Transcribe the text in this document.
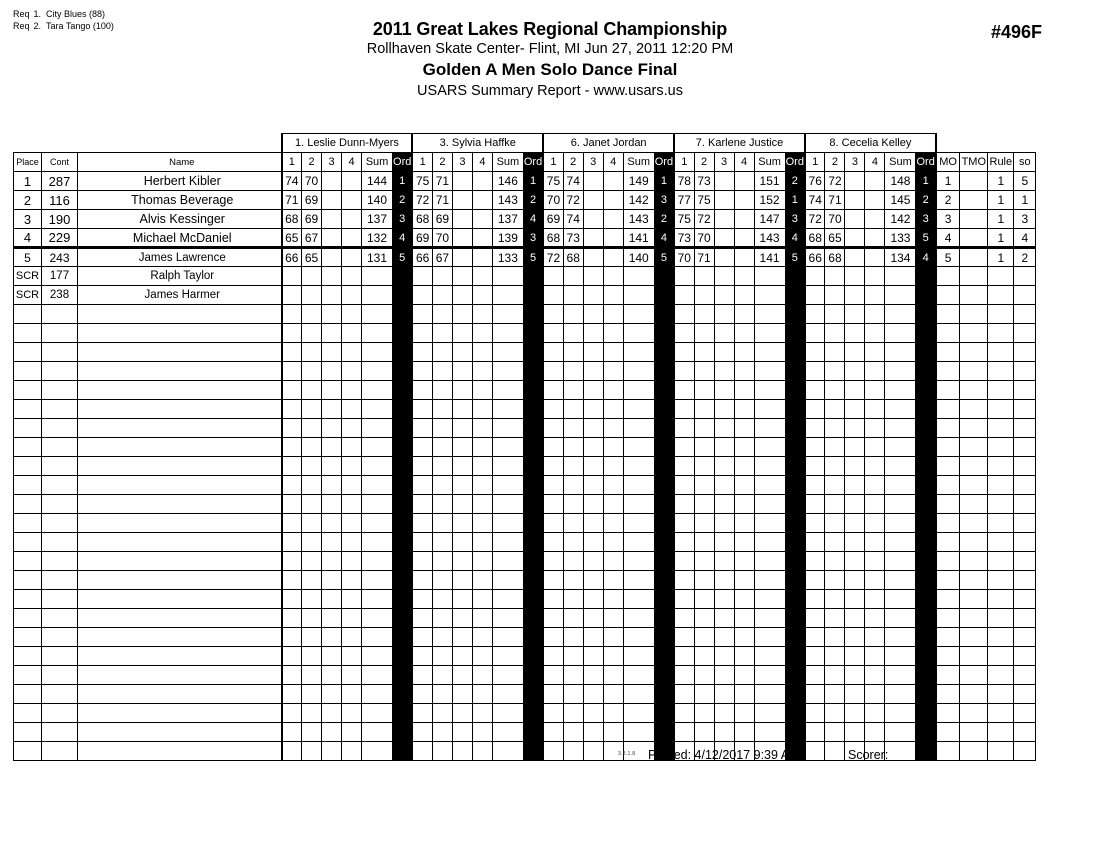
Req 1. City Blues (88)
Req 2. Tara Tango (100)	2011 Great Lakes Regional Championship
Rollhaven Skate Center- Flint, MI Jun 27, 2011 12:20 PM
Golden A Men Solo Dance Final
USARS Summary Report - www.usars.us
#496F
			1. Leslie Dunn-Myers						3. Sylvia Haffke						6. Janet Jordan						7. Karlene Justice						8. Cecelia Kelley									
Place	Cont	Name	1	2	3	4	Sum	Ord	1	2	3	4	Sum	Ord	1	2	3	4	Sum	Ord	1	2	3	4	Sum	Ord	1	2	3	4	Sum	Ord	MO	TMO	Rule	so
1	287	Herbert Kibler	74	70			144	1	75	71			146	1	75	74			149	1	78	73			151	2	76	72			148	1	1		1	5
2	116	Thomas Beverage	71	69			140	2	72	71			143	2	70	72			142	3	77	75			152	1	74	71			145	2	2		1	1
3	190	Alvis Kessinger	68	69			137	3	68	69			137	4	69	74			143	2	75	72			147	3	72	70			142	3	3		1	3
4	229	Michael McDaniel	65	67			132	4	69	70			139	3	68	73			141	4	73	70			143	4	68	65			133	5	4		1	4
5	243	James Lawrence	66	65			131	5	66	67			133	5	72	68			140	5	70	71			141	5	66	68			134	4	5		1	2
SCR	177	Ralph Taylor																																		
SCR	238	James Harmer																																		

3.8.1.8 Printed: 4/12/2017 9:39 AM	Scorer:
